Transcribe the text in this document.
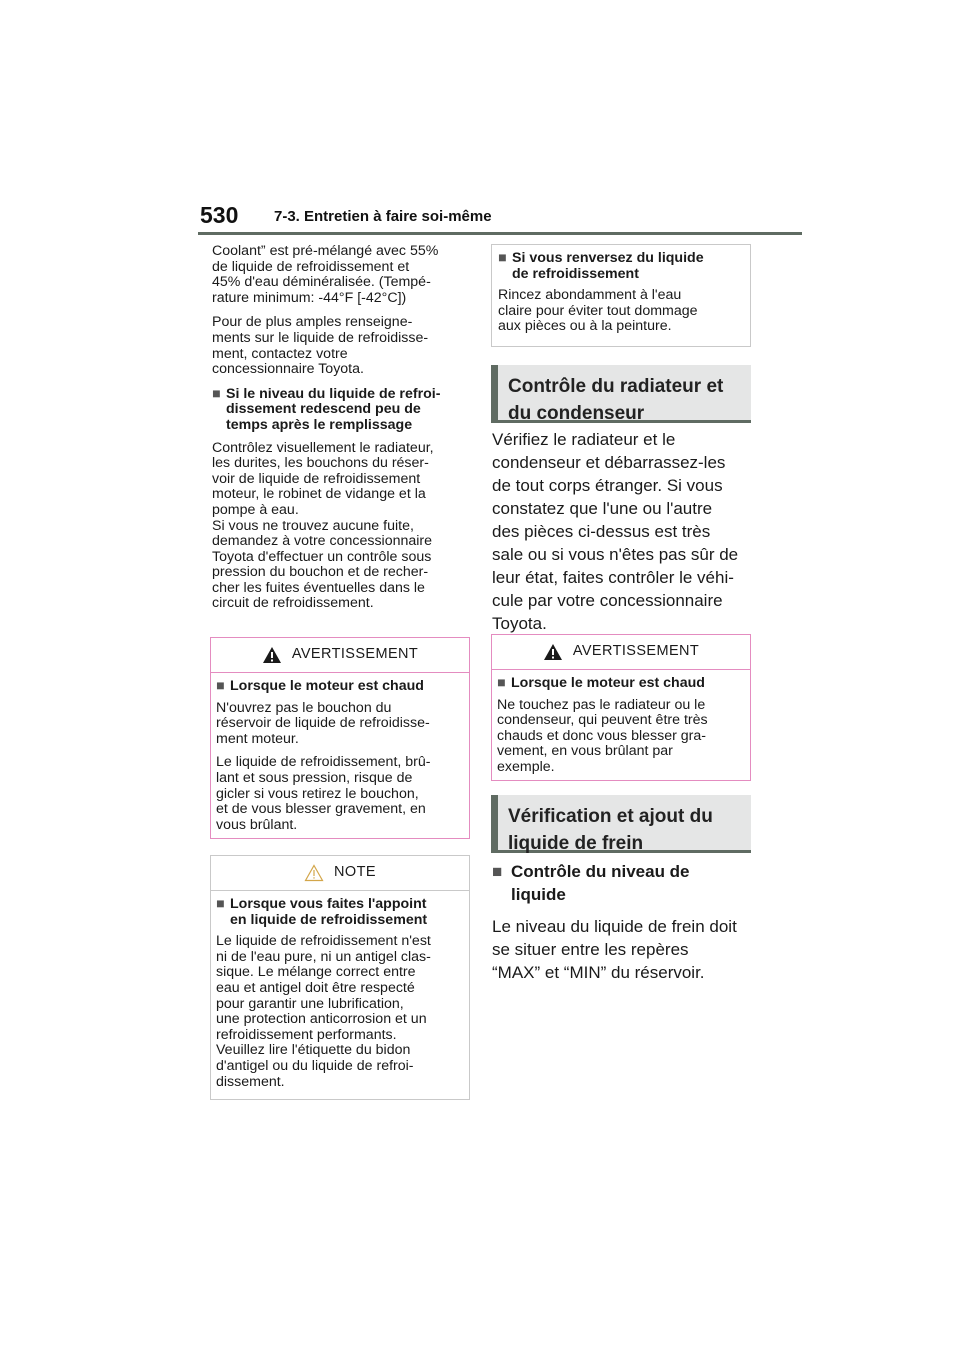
530 7-3. Entretien à faire soi-même

Coolant” est pré-mélangé avec 55%
de liquide de refroidissement et
45% d'eau déminéralisée. (Tempé-
rature minimum: -44°F [-42°C])

Pour de plus amples renseigne-
ments sur le liquide de refroidisse-
ment, contactez votre
concessionnaire Toyota.

■ Si le niveau du liquide de refroi-
dissement redescend peu de
temps après le remplissage

Contrôlez visuellement le radiateur,
les durites, les bouchons du réser-
voir de liquide de refroidissement
moteur, le robinet de vidange et la
pompe à eau.
Si vous ne trouvez aucune fuite,
demandez à votre concessionnaire
Toyota d'effectuer un contrôle sous
pression du bouchon et de recher-
cher les fuites éventuelles dans le
circuit de refroidissement.

AVERTISSEMENT
■ Lorsque le moteur est chaud

N'ouvrez pas le bouchon du
réservoir de liquide de refroidisse-
ment moteur.

Le liquide de refroidissement, brû-
lant et sous pression, risque de
gicler si vous retirez le bouchon,
et de vous blesser gravement, en
vous brûlant.

NOTE
■ Lorsque vous faites l'appoint
en liquide de refroidissement

Le liquide de refroidissement n'est
ni de l'eau pure, ni un antigel clas-
sique. Le mélange correct entre
eau et antigel doit être respecté
pour garantir une lubrification,
une protection anticorrosion et un
refroidissement performants.
Veuillez lire l'étiquette du bidon
d'antigel ou du liquide de refroi-
dissement.

■ Si vous renversez du liquide
de refroidissement

Rincez abondamment à l'eau
claire pour éviter tout dommage
aux pièces ou à la peinture.

Contrôle du radiateur et
du condenseur
Vérifiez le radiateur et le
condenseur et débarrassez-les
de tout corps étranger. Si vous
constatez que l'une ou l'autre
des pièces ci-dessus est très
sale ou si vous n'êtes pas sûr de
leur état, faites contrôler le véhi-
cule par votre concessionnaire
Toyota.
AVERTISSEMENT
■ Lorsque le moteur est chaud

Ne touchez pas le radiateur ou le
condenseur, qui peuvent être très
chauds et donc vous blesser gra-
vement, en vous brûlant par
exemple.

Vérification et ajout du
liquide de frein
■ Contrôle du niveau de
liquide
Le niveau du liquide de frein doit
se situer entre les repères
“MAX” et “MIN” du réservoir.
